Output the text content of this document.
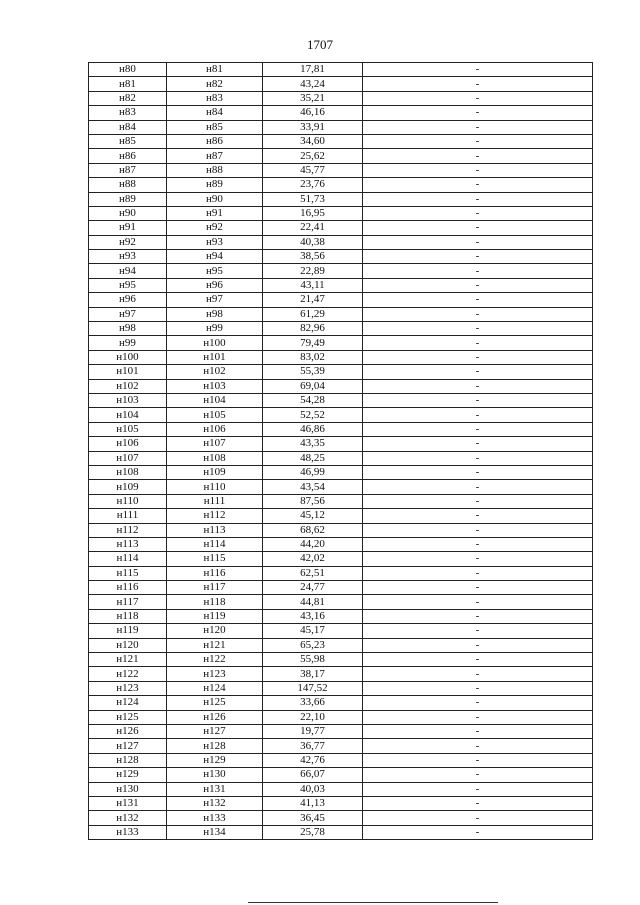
1707
н80	н81	17,81	-
н81	н82	43,24	-
н82	н83	35,21	-
н83	н84	46,16	-
н84	н85	33,91	-
н85	н86	34,60	-
н86	н87	25,62	-
н87	н88	45,77	-
н88	н89	23,76	-
н89	н90	51,73	-
н90	н91	16,95	-
н91	н92	22,41	-
н92	н93	40,38	-
н93	н94	38,56	-
н94	н95	22,89	-
н95	н96	43,11	-
н96	н97	21,47	-
н97	н98	61,29	-
н98	н99	82,96	-
н99	н100	79,49	-
н100	н101	83,02	-
н101	н102	55,39	-
н102	н103	69,04	-
н103	н104	54,28	-
н104	н105	52,52	-
н105	н106	46,86	-
н106	н107	43,35	-
н107	н108	48,25	-
н108	н109	46,99	-
н109	н110	43,54	-
н110	н111	87,56	-
н111	н112	45,12	-
н112	н113	68,62	-
н113	н114	44,20	-
н114	н115	42,02	-
н115	н116	62,51	-
н116	н117	24,77	-
н117	н118	44,81	-
н118	н119	43,16	-
н119	н120	45,17	-
н120	н121	65,23	-
н121	н122	55,98	-
н122	н123	38,17	-
н123	н124	147,52	-
н124	н125	33,66	-
н125	н126	22,10	-
н126	н127	19,77	-
н127	н128	36,77	-
н128	н129	42,76	-
н129	н130	66,07	-
н130	н131	40,03	-
н131	н132	41,13	-
н132	н133	36,45	-
н133	н134	25,78	-
